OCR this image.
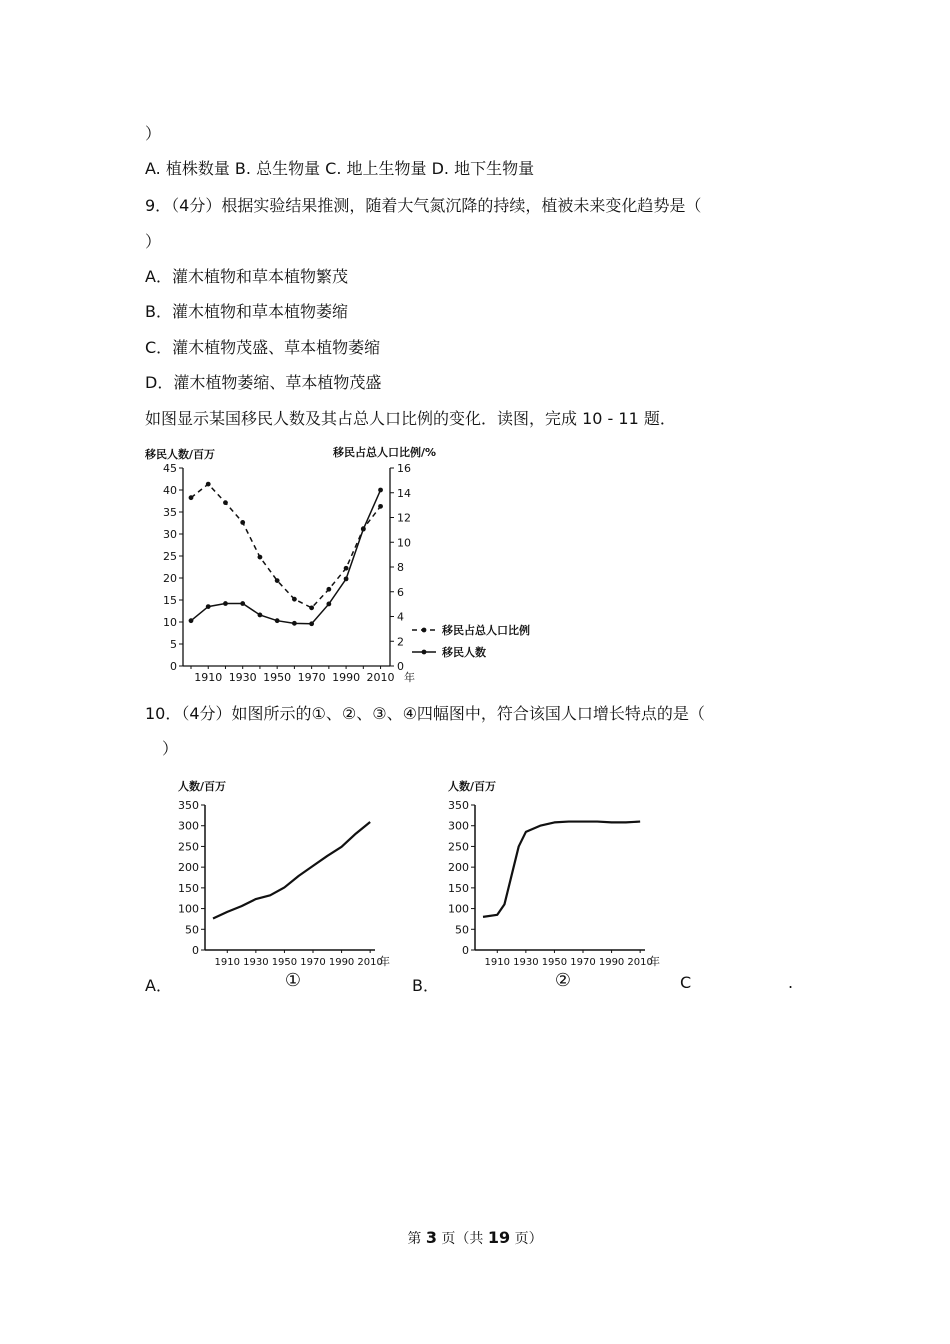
）
A. 植株数量 B. 总生物量 C. 地上生物量 D. 地下生物量
9．（4分）根据实验结果推测，随着大气氮沉降的持续，植被未来变化趋势是（
）
A．灌木植物和草本植物繁茂
B．灌木植物和草本植物萎缩
C．灌木植物茂盛、草本植物萎缩
D．灌木植物萎缩、草本植物茂盛
如图显示某国移民人数及其占总人口比例的变化．读图，完成 10 - 11 题．
移民人数/百万	移民占总人口比例/%
0
5
10
15
20
25
30
35
40
45
0
2
4
6
8
10
12
14
16
1910 1930 1950 1970 1990 2010 年
移民占总人口比例
移民人数
10．（4分）如图所示的①、②、③、④四幅图中，符合该国人口增长特点的是（
）
人数/百万
0
50
100
150
200
250
300
350
1910 1930 1950 1970 1990 2010
年
①
人数/百万
0
50
100
150
200
250
300
350
1910 1930 1950 1970 1990 2010
年
②
A．	B．	C	.
第 3 页（共 19 页）
